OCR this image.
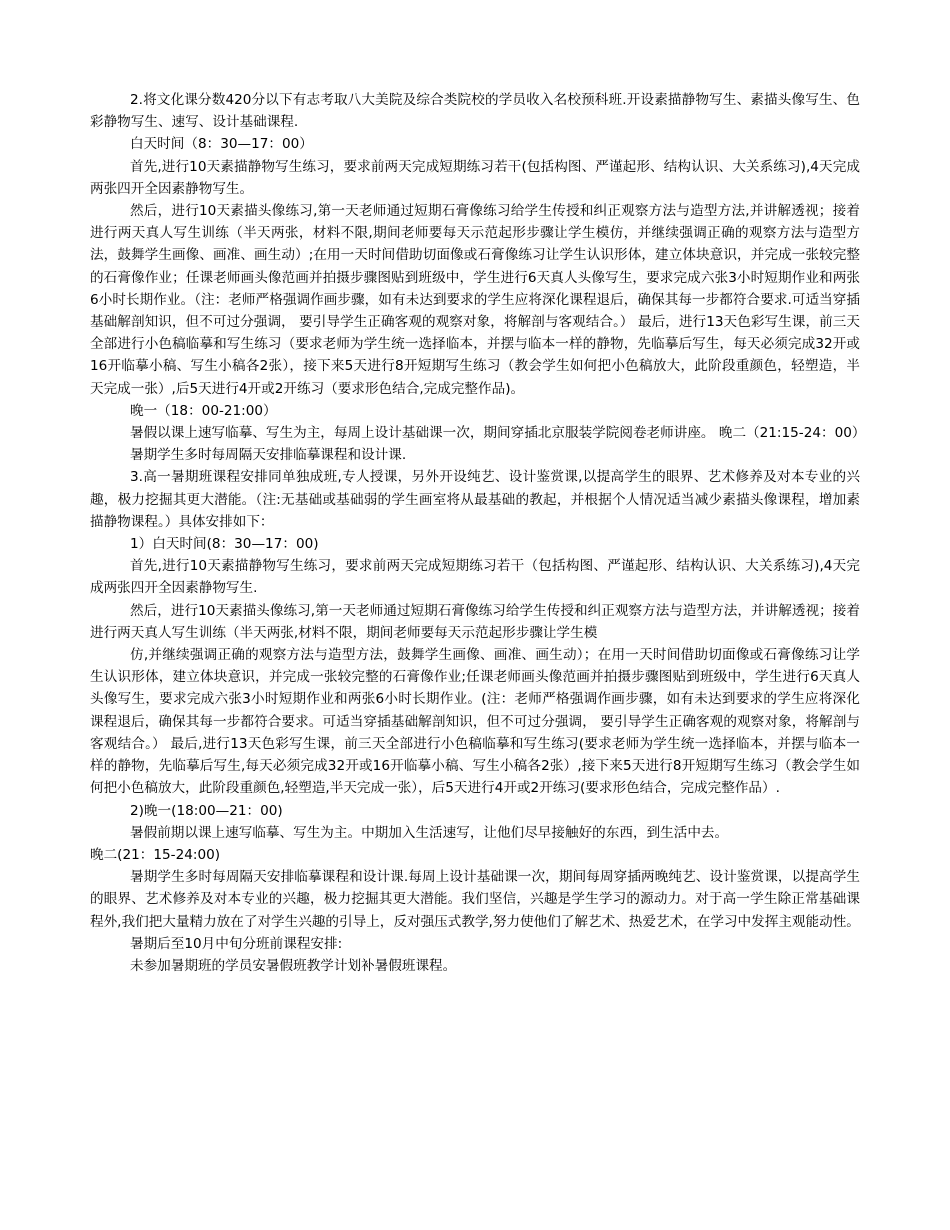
2.将文化课分数420分以下有志考取八大美院及综合类院校的学员收入名校预科班.开设素描静物写生、素描头像写生、色彩静物写生、速写、设计基础课程.

白天时间（8：30—17：00）

首先,进行10天素描静物写生练习，要求前两天完成短期练习若干(包括构图、严谨起形、结构认识、大关系练习),4天完成两张四开全因素静物写生。

然后，进行10天素描头像练习,第一天老师通过短期石膏像练习给学生传授和纠正观察方法与造型方法,并讲解透视；接着进行两天真人写生训练（半天两张，材料不限,期间老师要每天示范起形步骤让学生模仿，并继续强调正确的观察方法与造型方法，鼓舞学生画像、画准、画生动）;在用一天时间借助切面像或石膏像练习让学生认识形体，建立体块意识，并完成一张较完整的石膏像作业；任课老师画头像范画并拍摄步骤图贴到班级中，学生进行6天真人头像写生，要求完成六张3小时短期作业和两张6小时长期作业。（注：老师严格强调作画步骤，如有未达到要求的学生应将深化课程退后，确保其每一步都符合要求.可适当穿插基础解剖知识，但不可过分强调， 要引导学生正确客观的观察对象，将解剖与客观结合。） 最后，进行13天色彩写生课，前三天全部进行小色稿临摹和写生练习（要求老师为学生统一选择临本，并摆与临本一样的静物，先临摹后写生，每天必须完成32开或16开临摹小稿、写生小稿各2张），接下来5天进行8开短期写生练习（教会学生如何把小色稿放大，此阶段重颜色，轻塑造，半天完成一张）,后5天进行4开或2开练习（要求形色结合,完成完整作品)。

晚一（18：00-21:00）

暑假以课上速写临摹、写生为主，每周上设计基础课一次，期间穿插北京服装学院阅卷老师讲座。 晚二（21:15-24：00）

暑期学生多时每周隔天安排临摹课程和设计课.

3.高一暑期班课程安排同单独成班,专人授课，另外开设纯艺、设计鉴赏课,以提高学生的眼界、艺术修养及对本专业的兴趣，极力挖掘其更大潜能。（注:无基础或基础弱的学生画室将从最基础的教起，并根据个人情况适当减少素描头像课程，增加素描静物课程。）具体安排如下：

1）白天时间(8：30—17：00)

首先,进行10天素描静物写生练习，要求前两天完成短期练习若干（包括构图、严谨起形、结构认识、大关系练习),4天完成两张四开全因素静物写生.

然后，进行10天素描头像练习,第一天老师通过短期石膏像练习给学生传授和纠正观察方法与造型方法，并讲解透视；接着进行两天真人写生训练（半天两张,材料不限，期间老师要每天示范起形步骤让学生模

仿,并继续强调正确的观察方法与造型方法，鼓舞学生画像、画准、画生动）；在用一天时间借助切面像或石膏像练习让学生认识形体，建立体块意识，并完成一张较完整的石膏像作业;任课老师画头像范画并拍摄步骤图贴到班级中，学生进行6天真人头像写生，要求完成六张3小时短期作业和两张6小时长期作业。(注：老师严格强调作画步骤，如有未达到要求的学生应将深化课程退后，确保其每一步都符合要求。可适当穿插基础解剖知识，但不可过分强调， 要引导学生正确客观的观察对象，将解剖与客观结合。） 最后,进行13天色彩写生课，前三天全部进行小色稿临摹和写生练习(要求老师为学生统一选择临本，并摆与临本一样的静物，先临摹后写生,每天必须完成32开或16开临摹小稿、写生小稿各2张）,接下来5天进行8开短期写生练习（教会学生如何把小色稿放大，此阶段重颜色,轻塑造,半天完成一张），后5天进行4开或2开练习(要求形色结合，完成完整作品）.

2)晚一(18:00—21：00)

暑假前期以课上速写临摹、写生为主。中期加入生活速写，让他们尽早接触好的东西，到生活中去。

晚二(21：15-24:00)

暑期学生多时每周隔天安排临摹课程和设计课.每周上设计基础课一次，期间每周穿插两晚纯艺、设计鉴赏课，以提高学生的眼界、艺术修养及对本专业的兴趣，极力挖掘其更大潜能。我们坚信，兴趣是学生学习的源动力。对于高一学生除正常基础课程外,我们把大量精力放在了对学生兴趣的引导上，反对强压式教学,努力使他们了解艺术、热爱艺术，在学习中发挥主观能动性。

暑期后至10月中旬分班前课程安排:

未参加暑期班的学员安暑假班教学计划补暑假班课程。
